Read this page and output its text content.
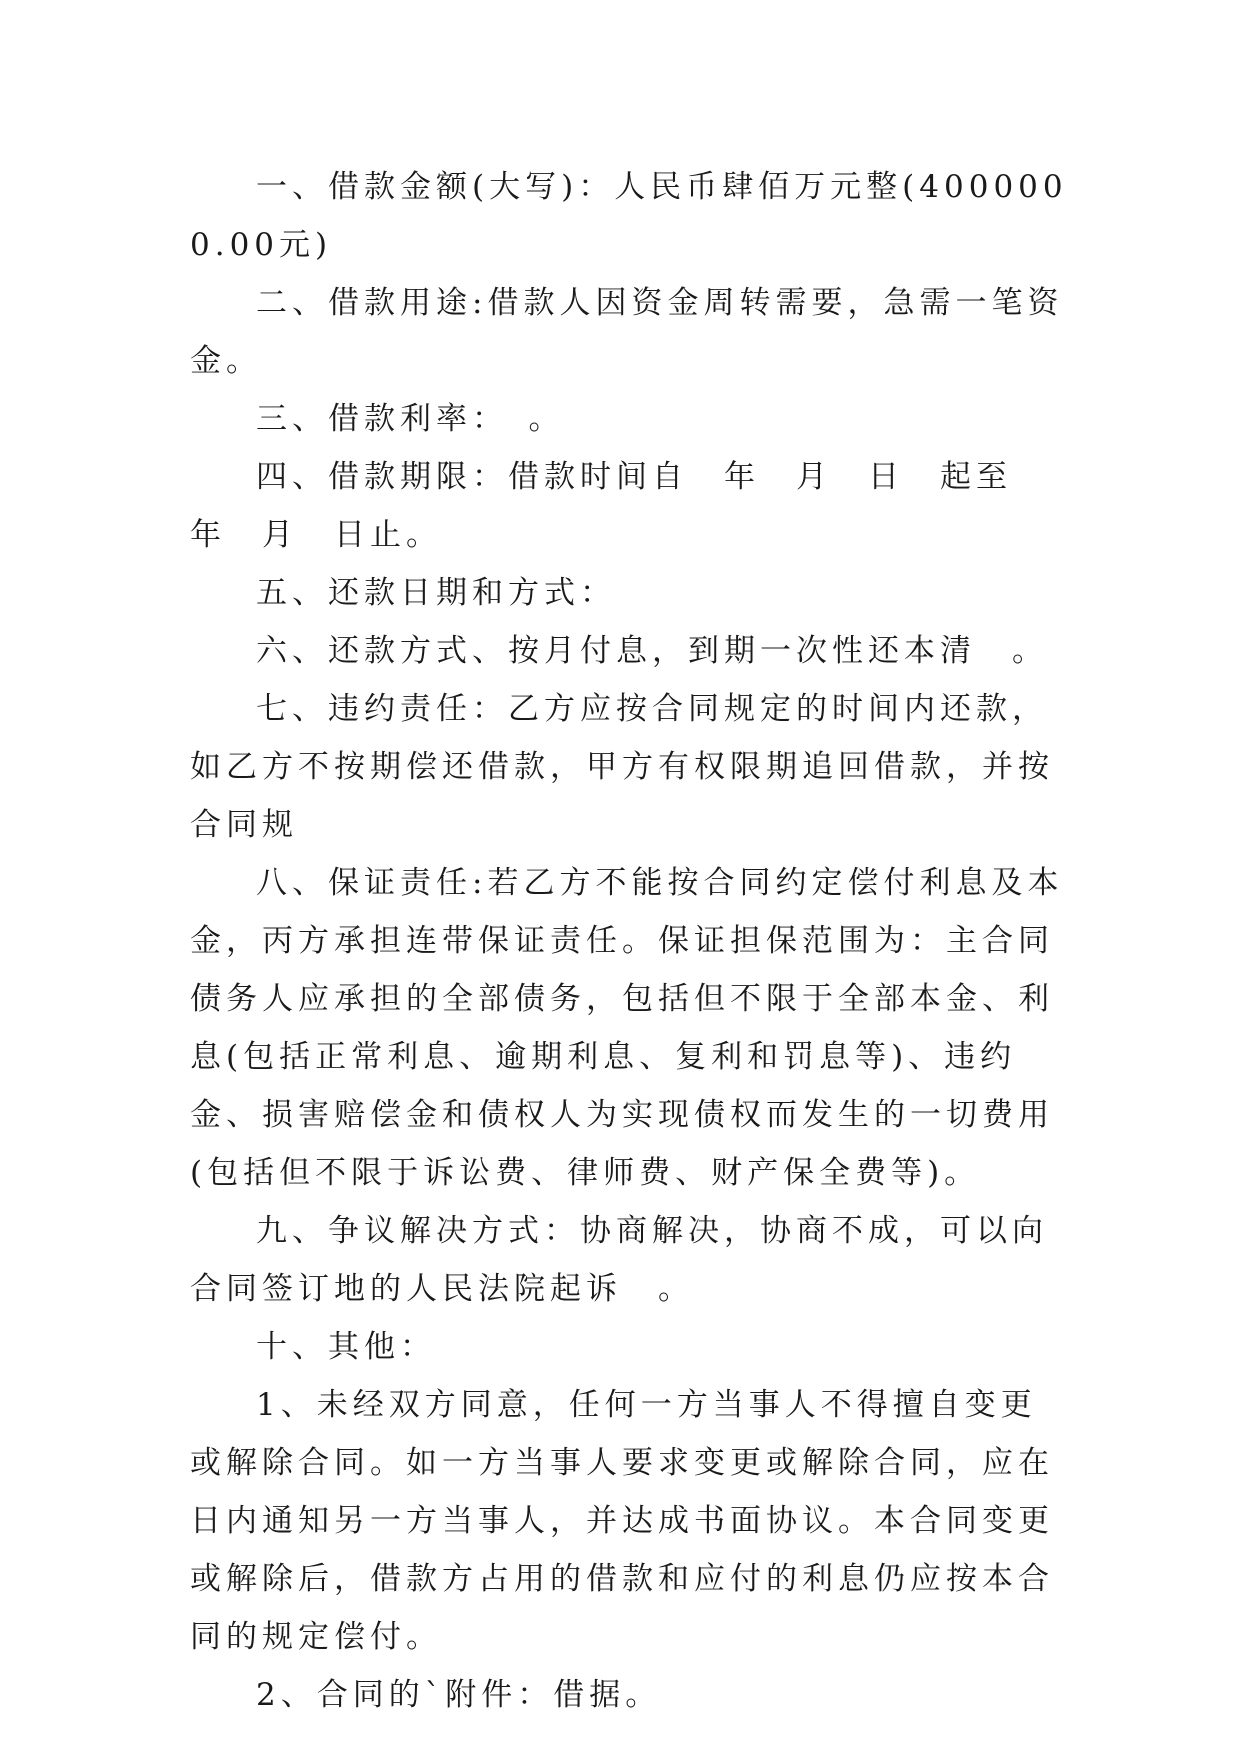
一、借款金额(大写)：人民币肆佰万元整(4000000.00元)

二、借款用途:借款人因资金周转需要，急需一笔资金。

三、借款利率：　。

四、借款期限：借款时间自　年　月　日　起至　年　月　日止。

五、还款日期和方式：

六、还款方式、按月付息，到期一次性还本清　。

七、违约责任：乙方应按合同规定的时间内还款，如乙方不按期偿还借款，甲方有权限期追回借款，并按合同规

八、保证责任:若乙方不能按合同约定偿付利息及本金，丙方承担连带保证责任。保证担保范围为：主合同债务人应承担的全部债务，包括但不限于全部本金、利息(包括正常利息、逾期利息、复利和罚息等)、违约金、损害赔偿金和债权人为实现债权而发生的一切费用(包括但不限于诉讼费、律师费、财产保全费等)。

九、争议解决方式：协商解决，协商不成，可以向合同签订地的人民法院起诉　。

十、其他：

1、未经双方同意，任何一方当事人不得擅自变更或解除合同。如一方当事人要求变更或解除合同，应在　日内通知另一方当事人，并达成书面协议。本合同变更或解除后，借款方占用的借款和应付的利息仍应按本合同的规定偿付。

2、合同的`附件：借据。
